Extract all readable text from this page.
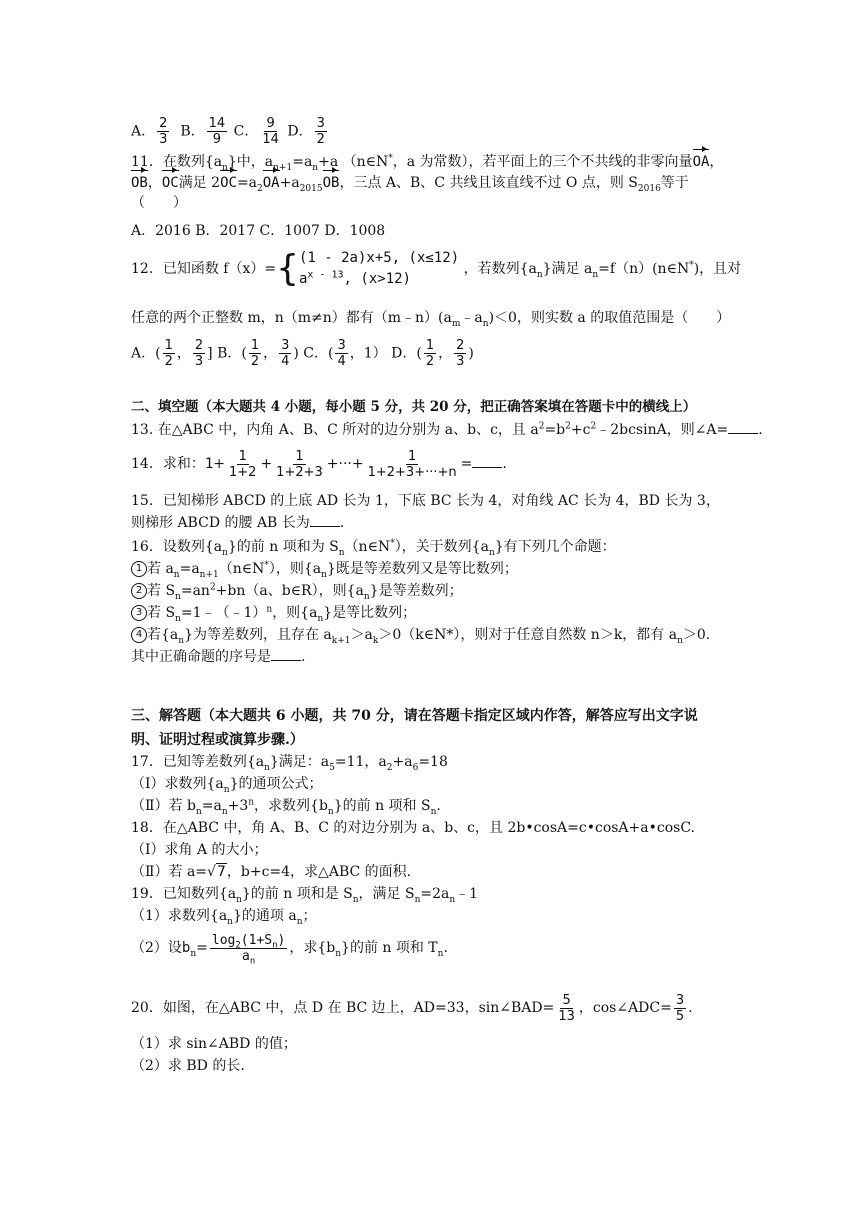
A． $\frac{2}{3}$ B． $\frac{14}{9}$ C． $\frac{9}{14}$ D． $\frac{3}{2}$
11．在数列$\{a_n\}$中，$a_{n+1}=a_n+a$ （n∈N*，a 为常数），若平面上的三个不共线的非零向量OA，
OB，OC满足 $2OC=a_2OA+a_{2015}OB$，三点 A、B、C 共线且该直线不过 O 点，则 $S_{2016}$等于
（　　）
A．2016 B．2017 C．1007 D．1008
12．已知函数 f（x）={ (1 - 2a)x+5, (x≤12)
$a^{x - 13}$, (x>12)
，若数列$\{a_n\}$满足 $a_n=f(n)(n\in N^*)$，且对
任意的两个正整数 m，n（m≠n）都有$(m﹣n)(a_m﹣a_n)<0$，则实数 a 的取值范围是（　　）
A．( $\frac{1}{2}$ ， $\frac{2}{3}$ ] B．( $\frac{1}{2}$ ， $\frac{3}{4}$ ) C．( $\frac{3}{4}$ ，1） D．( $\frac{1}{2}$ ， $\frac{2}{3}$ )
二、填空题（本大题共 4 小题，每小题 5 分，共 20 分，把正确答案填在答题卡中的横线上）
13. 在△ABC 中，内角 A、B、C 所对的边分别为 a、b、c，且 $a^2=b^2+c^2﹣2bcsinA$，则∠A= .
14．求和：$1+ \frac{1}{1+2} + \frac{1}{1+2+3}$ +···+ $\frac{1}{1+2+3+\cdot\cdot\cdot+n}$ = .
15．已知梯形 ABCD 的上底 AD 长为 1，下底 BC 长为 4，对角线 AC 长为 4，BD 长为 3，
则梯形 ABCD 的腰 AB 长为 .
16．设数列$\{a_n\}$的前 n 项和为 $S_n(n\in N^*)$，关于数列$\{a_n\}$有下列几个命题：
1 若 $a_n=a_{n+1}(n\in N^*)$，则$\{a_n\}$既是等差数列又是等比数列；
2 若 $S_n=an^2+bn(a$、b∈R），则$\{a_n\}$是等差数列；
3 若 $S_n=1﹣(﹣1)^n$，则$\{a_n\}$是等比数列；
4 若$\{a_n\}$为等差数列，且存在 $a_{k+1}>a_k>0(k\in N*)$，则对于任意自然数 n＞k，都有 $a_n>0$.
其中正确命题的序号是 .
三、解答题（本大题共 6 小题，共 70 分，请在答题卡指定区域内作答，解答应写出文字说
明、证明过程或演算步骤.）
17．已知等差数列$\{a_n\}$满足：$a_5=11$，$a_2+a_6=18$
（Ⅰ）求数列$\{a_n\}$的通项公式；
（Ⅱ）若 $b_n=a_n+3^n$，求数列$\{b_n\}$的前 n 项和 $S_n$.
18．在△ABC 中，角 A、B、C 的对边分别为 a、b、c，且 2b•cosA=c•cosA+a•cosC.
（Ⅰ）求角 A 的大小；
（Ⅱ）若 a=√7，b+c=4，求△ABC 的面积.
19．已知数列$\{a_n\}$的前 n 项和是 $S_n$，满足 $S_n=2a_n﹣1$
（1）求数列$\{a_n\}$的通项 $a_n$；
（2）设$b_n= \frac{\log_2(1+S_n)}{a_n}$ ，求$\{b_n\}$的前 n 项和 $T_n$.
20．如图，在△ABC 中，点 D 在 BC 边上，AD=33，sin∠BAD= $\frac{5}{13}$ ，cos∠ADC= $\frac{3}{5}$ .
（1）求 sin∠ABD 的值；
（2）求 BD 的长.
